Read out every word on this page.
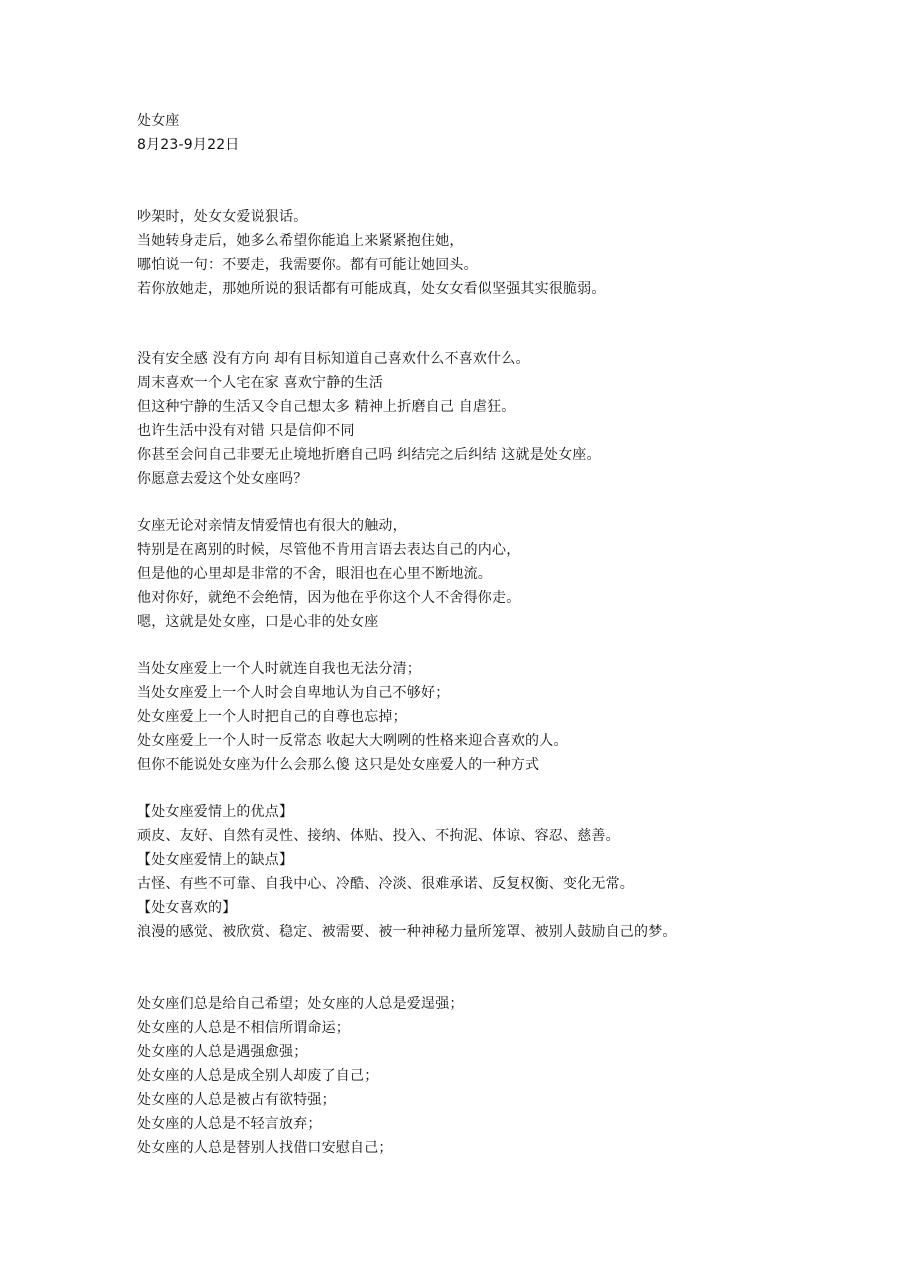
处女座
8月23-9月22日
吵架时，处女女爱说狠话。
当她转身走后，她多么希望你能追上来紧紧抱住她，
哪怕说一句：不要走，我需要你。都有可能让她回头。
若你放她走，那她所说的狠话都有可能成真，处女女看似坚强其实很脆弱。
没有安全感 没有方向 却有目标知道自己喜欢什么不喜欢什么。
周末喜欢一个人宅在家 喜欢宁静的生活
但这种宁静的生活又令自己想太多 精神上折磨自己 自虐狂。
也许生活中没有对错 只是信仰不同
你甚至会问自己非要无止境地折磨自己吗 纠结完之后纠结 这就是处女座。
你愿意去爱这个处女座吗？
女座无论对亲情友情爱情也有很大的触动，
特别是在离别的时候，尽管他不肯用言语去表达自己的内心，
但是他的心里却是非常的不舍，眼泪也在心里不断地流。
他对你好，就绝不会绝情，因为他在乎你这个人不舍得你走。
嗯，这就是处女座，口是心非的处女座
当处女座爱上一个人时就连自我也无法分清；
当处女座爱上一个人时会自卑地认为自己不够好；
处女座爱上一个人时把自己的自尊也忘掉；
处女座爱上一个人时一反常态 收起大大咧咧的性格来迎合喜欢的人。
但你不能说处女座为什么会那么傻 这只是处女座爱人的一种方式
【处女座爱情上的优点】
顽皮、友好、自然有灵性、接纳、体贴、投入、不拘泥、体谅、容忍、慈善。
【处女座爱情上的缺点】
古怪、有些不可靠、自我中心、冷酷、冷淡、很难承诺、反复权衡、变化无常。
【处女喜欢的】
浪漫的感觉、被欣赏、稳定、被需要、被一种神秘力量所笼罩、被别人鼓励自己的梦。
处女座们总是给自己希望；处女座的人总是爱逞强；
处女座的人总是不相信所谓命运；
处女座的人总是遇强愈强；
处女座的人总是成全别人却废了自己；
处女座的人总是被占有欲特强；
处女座的人总是不轻言放弃；
处女座的人总是替别人找借口安慰自己；
